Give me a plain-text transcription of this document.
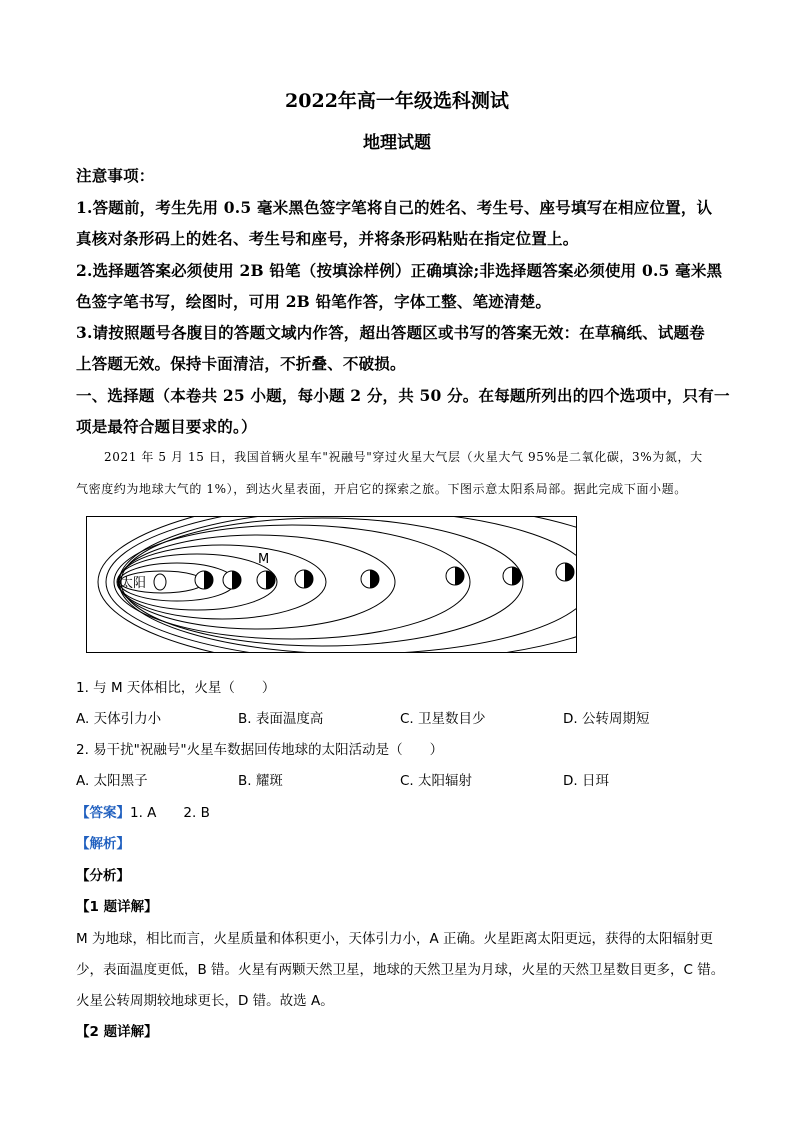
2022年高一年级选科测试
地理试题
注意事项：
1.答题前，考生先用 0.5 毫米黑色签字笔将自己的姓名、考生号、座号填写在相应位置，认
真核对条形码上的姓名、考生号和座号，并将条形码粘贴在指定位置上。
2.选择题答案必须使用 2B 铅笔（按填涂样例）正确填涂;非选择题答案必须使用 0.5 毫米黑
色签字笔书写，绘图时，可用 2B 铅笔作答，字体工整、笔迹清楚。
3.请按照题号各腹目的答题文域内作答，超出答题区或书写的答案无效：在草稿纸、试题卷
上答题无效。保持卡面清洁，不折叠、不破损。
一、选择题（本卷共 25 小题，每小题 2 分，共 50 分。在每题所列出的四个选项中，只有一
项是最符合题目要求的。）
2021 年 5 月 15 日，我国首辆火星车"祝融号"穿过火星大气层（火星大气 95%是二氧化碳，3%为氮，大
气密度约为地球大气的 1%），到达火星表面，开启它的探索之旅。下图示意太阳系局部。据此完成下面小题。
太阳
M
1. 与 M 天体相比，火星（　　）
A. 天体引力小	B. 表面温度高	C. 卫星数目少	D. 公转周期短
2. 易干扰"祝融号"火星车数据回传地球的太阳活动是（　　）
A. 太阳黑子	B. 耀斑	C. 太阳辐射	D. 日珥
【答案】1. A　　2. B
【解析】
【分析】
【1 题详解】
M 为地球，相比而言，火星质量和体积更小，天体引力小，A 正确。火星距离太阳更远，获得的太阳辐射更
少，表面温度更低，B 错。火星有两颗天然卫星，地球的天然卫星为月球，火星的天然卫星数目更多，C 错。
火星公转周期较地球更长，D 错。故选 A。
【2 题详解】
